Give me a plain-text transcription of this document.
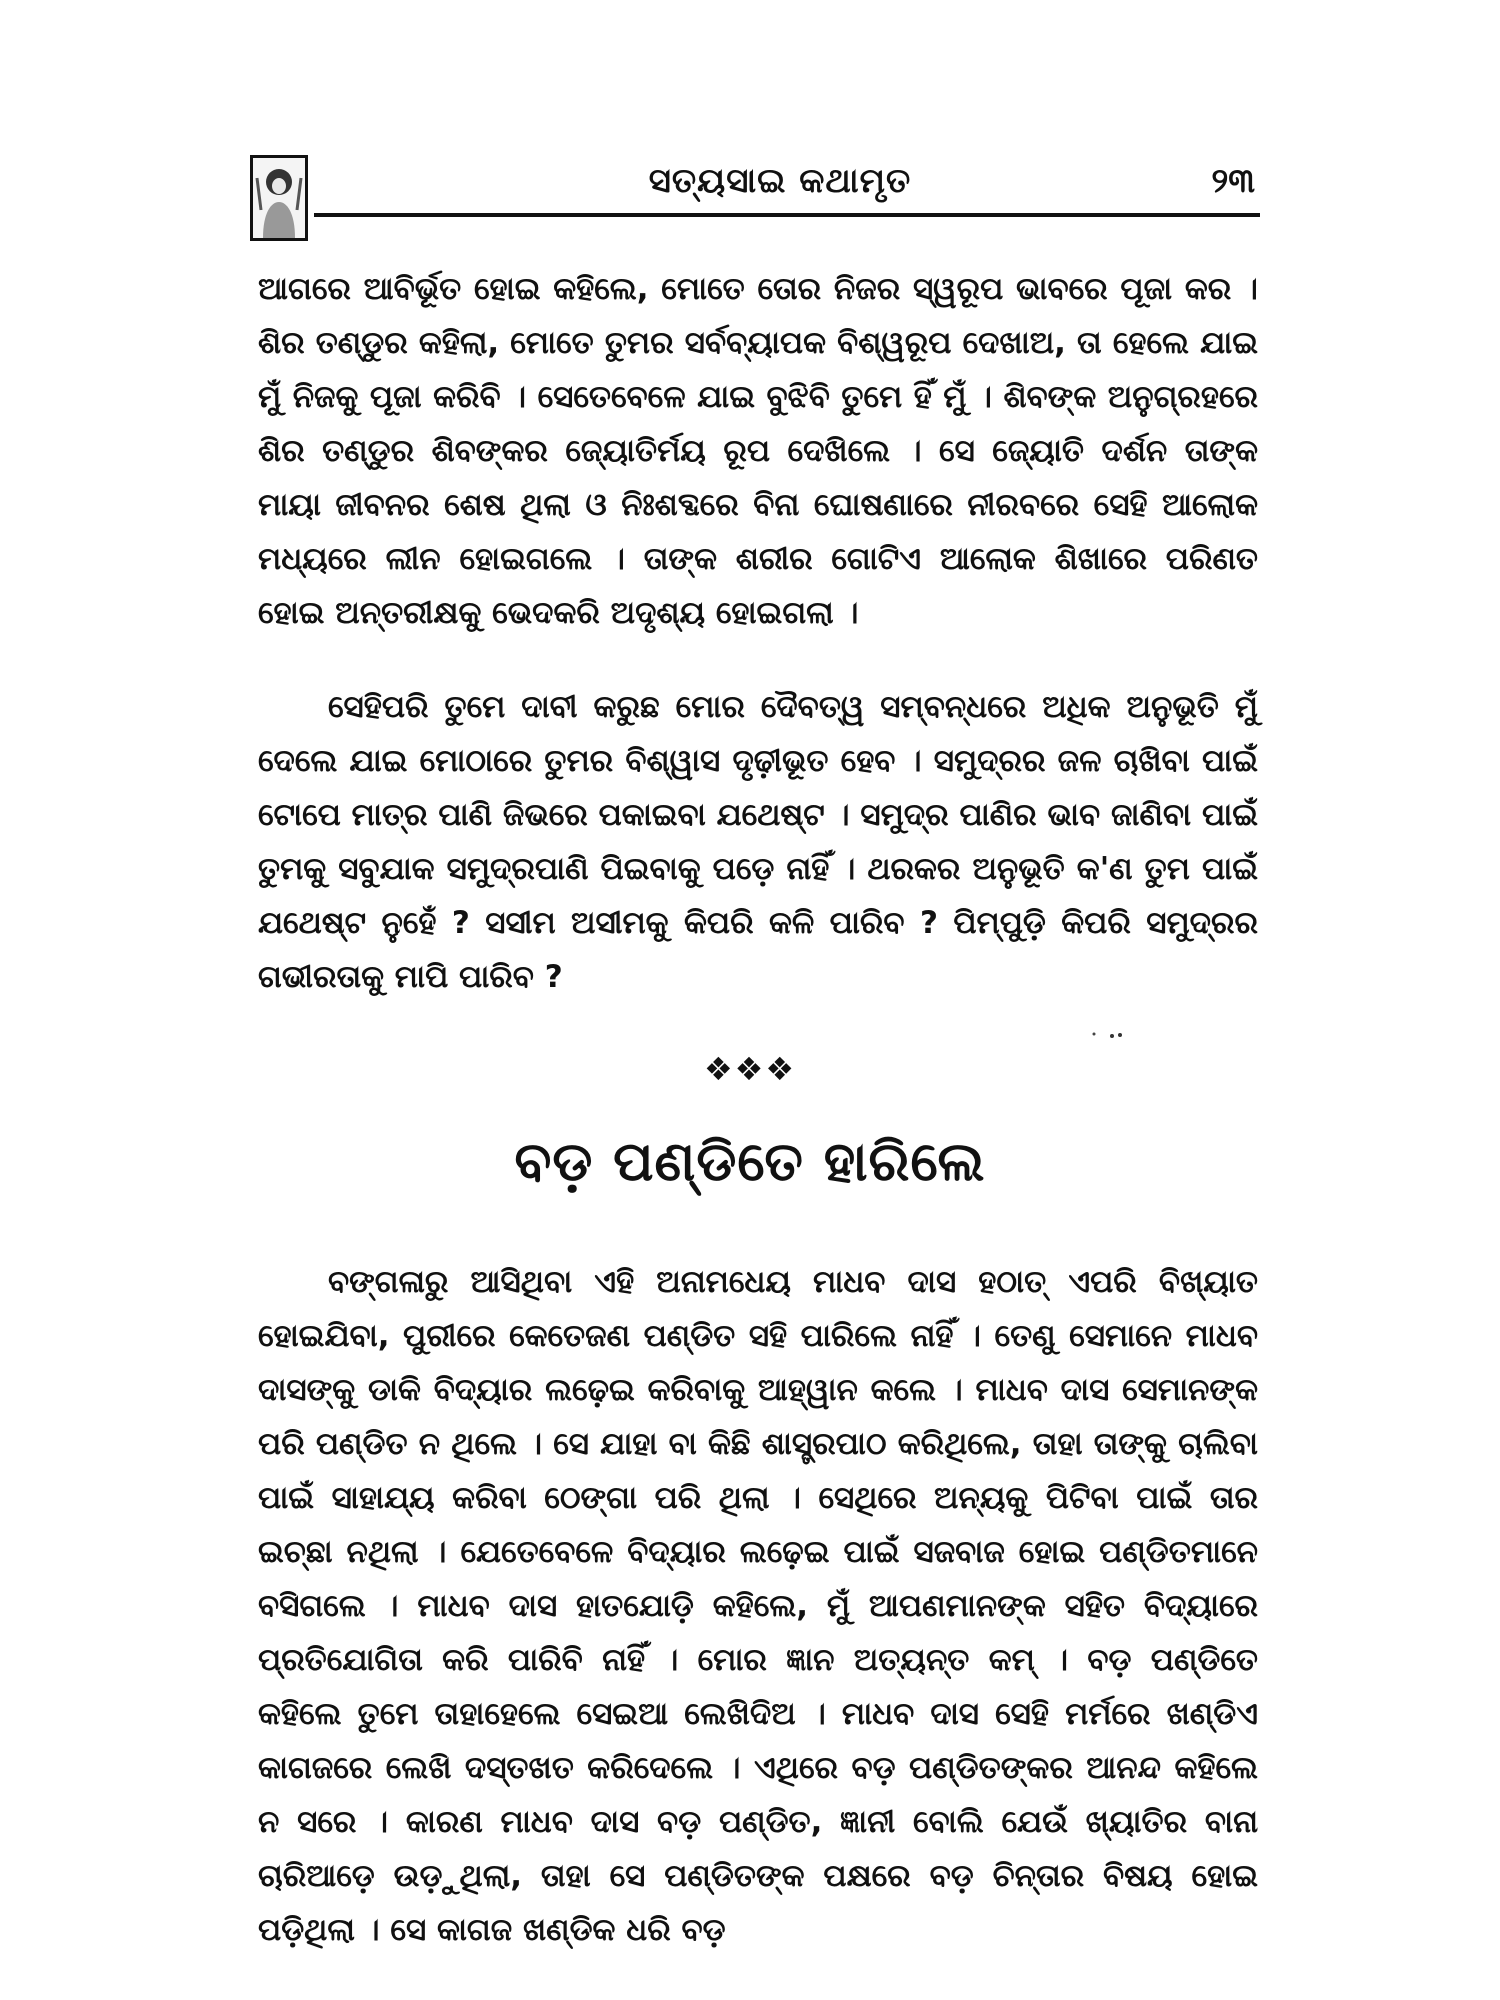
ସତ୍ୟସାଇ କଥାମୃତ	୨୩

ଆଗରେ ଆବିର୍ଭୂତ ହୋଇ କହିଲେ, ମୋତେ ତୋର ନିଜର ସ୍ୱରୂପ ଭାବରେ ପୂଜା କର । ଶିର ତଣ୍ଡୁର କହିଲା, ମୋତେ ତୁମର ସର୍ବବ୍ୟାପକ ବିଶ୍ୱରୂପ ଦେଖାଅ, ତା ହେଲେ ଯାଇ ମୁଁ ନିଜକୁ ପୂଜା କରିବି । ସେତେବେଳେ ଯାଇ ବୁଝିବି ତୁମେ ହିଁ ମୁଁ । ଶିବଙ୍କ ଅନୁଗ୍ରହରେ ଶିର ତଣ୍ଡୁର ଶିବଙ୍କର ଜ୍ୟୋତିର୍ମୟ ରୂପ ଦେଖିଲେ । ସେ ଜ୍ୟୋତି ଦର୍ଶନ ତାଙ୍କ ମାୟା ଜୀବନର ଶେଷ ଥିଲା ଓ ନିଃଶବ୍ଦରେ ବିନା ଘୋଷଣାରେ ନୀରବରେ ସେହି ଆଲୋକ ମଧ୍ୟରେ ଲୀନ ହୋଇଗଲେ । ତାଙ୍କ ଶରୀର ଗୋଟିଏ ଆଲୋକ ଶିଖାରେ ପରିଣତ ହୋଇ ଅନ୍ତରୀକ୍ଷକୁ ଭେଦକରି ଅଦୃଶ୍ୟ ହୋଇଗଲା ।

ସେହିପରି ତୁମେ ଦାବୀ କରୁଛ ମୋର ଦୈବତ୍ୱ ସମ୍ବନ୍ଧରେ ଅଧିକ ଅନୁଭୂତି ମୁଁ ଦେଲେ ଯାଇ ମୋଠାରେ ତୁମର ବିଶ୍ୱାସ ଦୃଢ଼ୀଭୂତ ହେବ । ସମୁଦ୍ରର ଜଳ ଚାଖିବା ପାଇଁ ଟୋପେ ମାତ୍ର ପାଣି ଜିଭରେ ପକାଇବା ଯଥେଷ୍ଟ । ସମୁଦ୍ର ପାଣିର ଭାବ ଜାଣିବା ପାଇଁ ତୁମକୁ ସବୁଯାକ ସମୁଦ୍ରପାଣି ପିଇବାକୁ ପଡ଼େ ନାହିଁ । ଥରକର ଅନୁଭୂତି କ'ଣ ତୁମ ପାଇଁ ଯଥେଷ୍ଟ ନୁହେଁ ? ସସୀମ ଅସୀମକୁ କିପରି କଳି ପାରିବ ? ପିମ୍ପୁଡ଼ି କିପରି ସମୁଦ୍ରର ଗଭୀରତାକୁ ମାପି ପାରିବ ?

❖❖❖
ବଡ଼ ପଣ୍ଡିତେ ହାରିଲେ

ବଙ୍ଗଳାରୁ ଆସିଥିବା ଏହି ଅନାମଧେୟ ମାଧବ ଦାସ ହଠାତ୍ ଏପରି ବିଖ୍ୟାତ ହୋଇଯିବା, ପୁରୀରେ କେତେଜଣ ପଣ୍ଡିତ ସହି ପାରିଲେ ନାହିଁ । ତେଣୁ ସେମାନେ ମାଧବ ଦାସଙ୍କୁ ଡାକି ବିଦ୍ୟାର ଲଢ଼େଇ କରିବାକୁ ଆହ୍ୱାନ କଲେ । ମାଧବ ଦାସ ସେମାନଙ୍କ ପରି ପଣ୍ଡିତ ନ ଥିଲେ । ସେ ଯାହା ବା କିଛି ଶାସ୍ତ୍ରପାଠ କରିଥିଲେ, ତାହା ତାଙ୍କୁ ଚାଲିବା ପାଇଁ ସାହାଯ୍ୟ କରିବା ଠେଙ୍ଗା ପରି ଥିଲା । ସେଥିରେ ଅନ୍ୟକୁ ପିଟିବା ପାଇଁ ତାର ଇଚ୍ଛା ନଥିଲା । ଯେତେବେଳେ ବିଦ୍ୟାର ଲଢ଼େଇ ପାଇଁ ସଜବାଜ ହୋଇ ପଣ୍ଡିତମାନେ ବସିଗଲେ । ମାଧବ ଦାସ ହାତଯୋଡ଼ି କହିଲେ, ମୁଁ ଆପଣମାନଙ୍କ ସହିତ ବିଦ୍ୟାରେ ପ୍ରତିଯୋଗିତା କରି ପାରିବି ନାହିଁ । ମୋର ଜ୍ଞାନ ଅତ୍ୟନ୍ତ କମ୍ । ବଡ଼ ପଣ୍ଡିତେ କହିଲେ ତୁମେ ତାହାହେଲେ ସେଇଆ ଲେଖିଦିଅ । ମାଧବ ଦାସ ସେହି ମର୍ମରେ ଖଣ୍ଡିଏ କାଗଜରେ ଲେଖି ଦସ୍ତଖତ କରିଦେଲେ । ଏଥିରେ ବଡ଼ ପଣ୍ଡିତଙ୍କର ଆନନ୍ଦ କହିଲେ ନ ସରେ । କାରଣ ମାଧବ ଦାସ ବଡ଼ ପଣ୍ଡିତ, ଜ୍ଞାନୀ ବୋଲି ଯେଉଁ ଖ୍ୟାତିର ବାନା ଚାରିଆଡ଼େ ଉଡ଼ୁଥିଲା, ତାହା ସେ ପଣ୍ଡିତଙ୍କ ପକ୍ଷରେ ବଡ଼ ଚିନ୍ତାର ବିଷୟ ହୋଇ ପଡ଼ିଥିଲା । ସେ କାଗଜ ଖଣ୍ଡିକ ଧରି ବଡ଼
